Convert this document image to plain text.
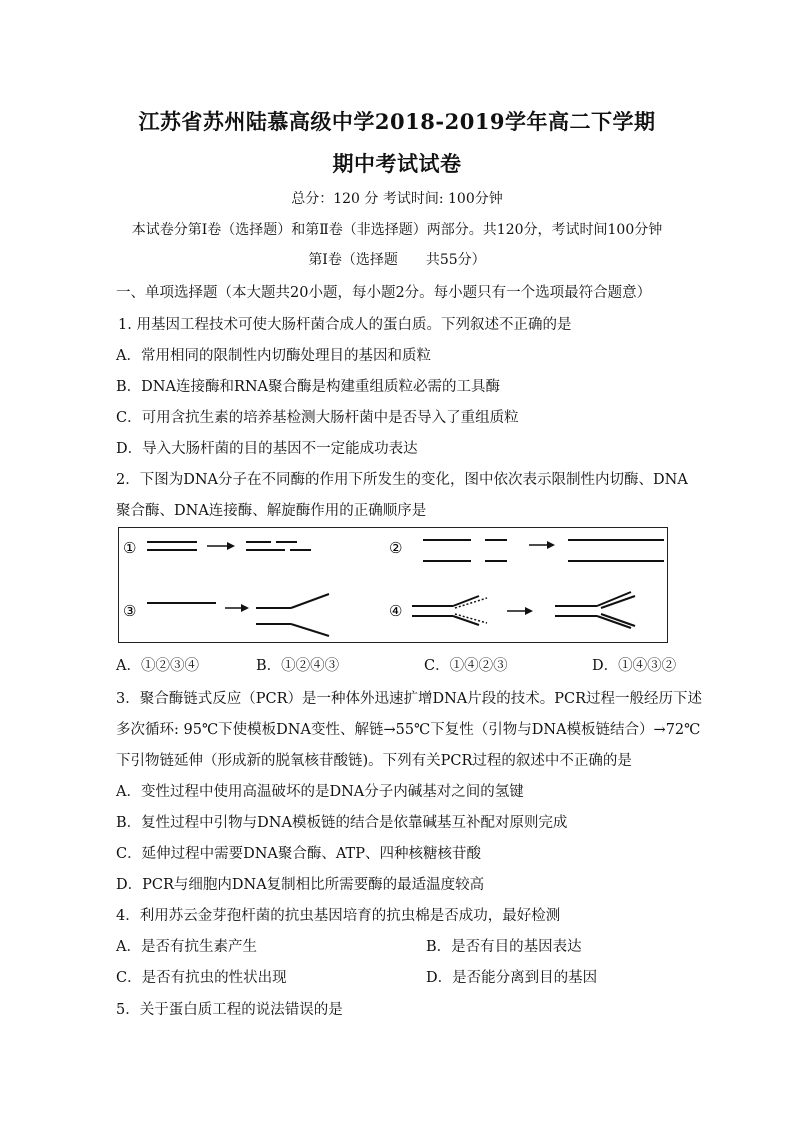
江苏省苏州陆慕高级中学2018-2019学年高二下学期
期中考试试卷
总分：120 分 考试时间: 100分钟
本试卷分第Ⅰ卷（选择题）和第Ⅱ卷（非选择题）两部分。共120分，考试时间100分钟
第Ⅰ卷（选择题　　共55分）
一、单项选择题（本大题共20小题，每小题2分。每小题只有一个选项最符合题意）
1. 用基因工程技术可使大肠杆菌合成人的蛋白质。下列叙述不正确的是
A．常用相同的限制性内切酶处理目的基因和质粒
B．DNA连接酶和RNA聚合酶是构建重组质粒必需的工具酶
C．可用含抗生素的培养基检测大肠杆菌中是否导入了重组质粒
D．导入大肠杆菌的目的基因不一定能成功表达
2．下图为DNA分子在不同酶的作用下所发生的变化，图中依次表示限制性内切酶、DNA
聚合酶、DNA连接酶、解旋酶作用的正确顺序是
①	②
③	④
A．①②③④	B．①②④③	C．①④②③	D．①④③②
3．聚合酶链式反应（PCR）是一种体外迅速扩增DNA片段的技术。PCR过程一般经历下述
多次循环: 95℃下使模板DNA变性、解链→55℃下复性（引物与DNA模板链结合）→72℃
下引物链延伸（形成新的脱氧核苷酸链)。下列有关PCR过程的叙述中不正确的是
A．变性过程中使用高温破坏的是DNA分子内碱基对之间的氢键
B．复性过程中引物与DNA模板链的结合是依靠碱基互补配对原则完成
C．延伸过程中需要DNA聚合酶、ATP、四种核糖核苷酸
D．PCR与细胞内DNA复制相比所需要酶的最适温度较高
4．利用苏云金芽孢杆菌的抗虫基因培育的抗虫棉是否成功，最好检测
A．是否有抗生素产生	B．是否有目的基因表达
C．是否有抗虫的性状出现	D．是否能分离到目的基因
5．关于蛋白质工程的说法错误的是
